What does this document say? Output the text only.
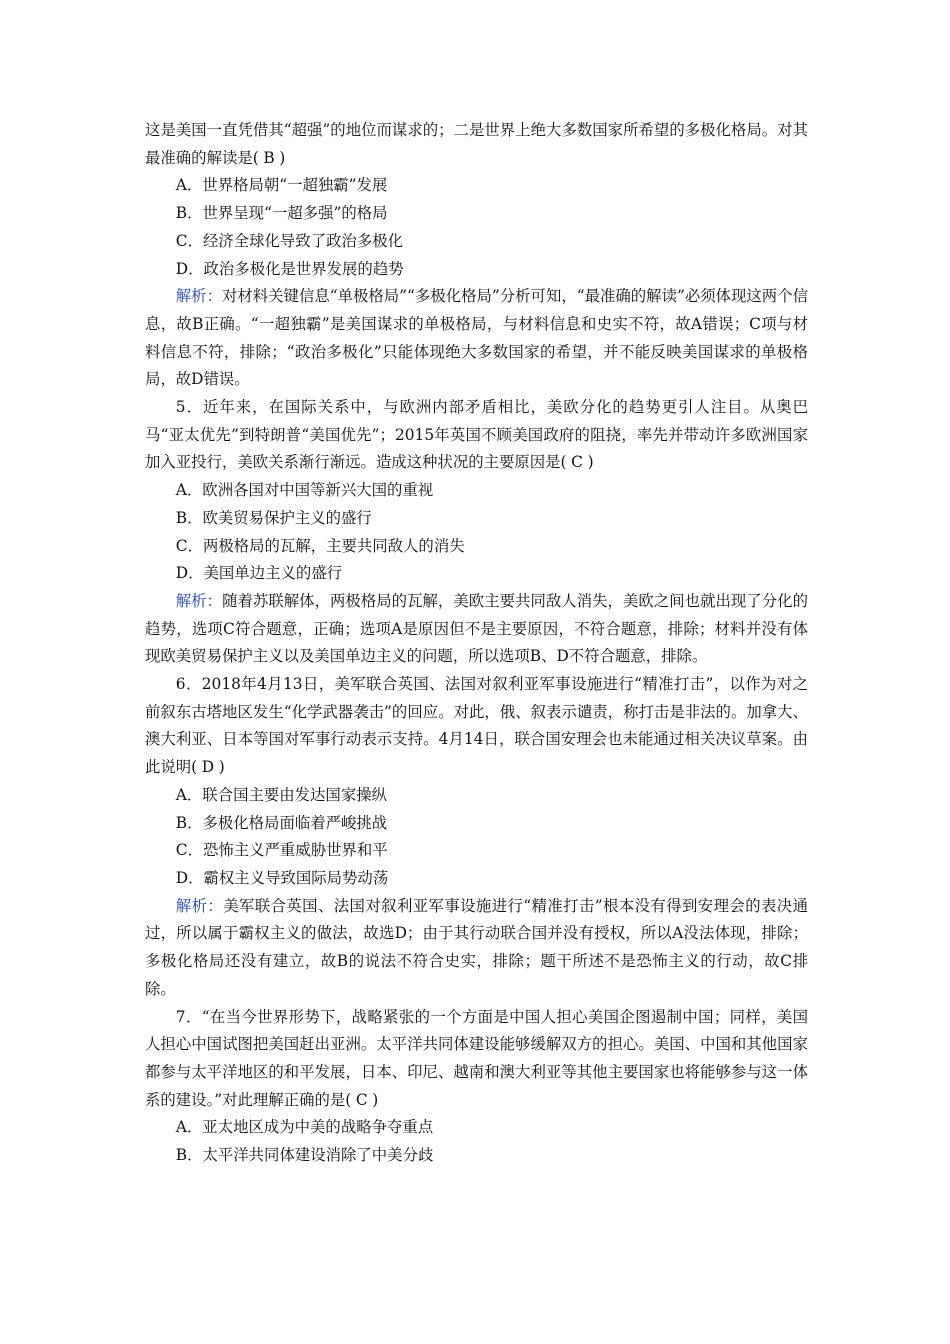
这是美国一直凭借其“超强”的地位而谋求的；二是世界上绝大多数国家所希望的多极化格局。对其最准确的解读是( B )

A．世界格局朝“一超独霸”发展

B．世界呈现“一超多强”的格局

C．经济全球化导致了政治多极化

D．政治多极化是世界发展的趋势

解析：对材料关键信息“单极格局”“多极化格局”分析可知，“最准确的解读”必须体现这两个信息，故B正确。“一超独霸”是美国谋求的单极格局，与材料信息和史实不符，故A错误；C项与材料信息不符，排除；“政治多极化”只能体现绝大多数国家的希望，并不能反映美国谋求的单极格局，故D错误。

5．近年来，在国际关系中，与欧洲内部矛盾相比，美欧分化的趋势更引人注目。从奥巴马“亚太优先”到特朗普“美国优先”；2015年英国不顾美国政府的阻挠，率先并带动许多欧洲国家加入亚投行，美欧关系渐行渐远。造成这种状况的主要原因是( C )

A．欧洲各国对中国等新兴大国的重视

B．欧美贸易保护主义的盛行

C．两极格局的瓦解，主要共同敌人的消失

D．美国单边主义的盛行

解析：随着苏联解体，两极格局的瓦解，美欧主要共同敌人消失，美欧之间也就出现了分化的趋势，选项C符合题意，正确；选项A是原因但不是主要原因，不符合题意，排除；材料并没有体现欧美贸易保护主义以及美国单边主义的问题，所以选项B、D不符合题意，排除。

6．2018年4月13日，美军联合英国、法国对叙利亚军事设施进行“精准打击”，以作为对之前叙东古塔地区发生“化学武器袭击”的回应。对此，俄、叙表示谴责，称打击是非法的。加拿大、澳大利亚、日本等国对军事行动表示支持。4月14日，联合国安理会也未能通过相关决议草案。由此说明( D )

A．联合国主要由发达国家操纵

B．多极化格局面临着严峻挑战

C．恐怖主义严重威胁世界和平

D．霸权主义导致国际局势动荡

解析：美军联合英国、法国对叙利亚军事设施进行“精准打击”根本没有得到安理会的表决通过，所以属于霸权主义的做法，故选D；由于其行动联合国并没有授权，所以A没法体现，排除；多极化格局还没有建立，故B的说法不符合史实，排除；题干所述不是恐怖主义的行动，故C排除。

7．“在当今世界形势下，战略紧张的一个方面是中国人担心美国企图遏制中国；同样，美国人担心中国试图把美国赶出亚洲。太平洋共同体建设能够缓解双方的担心。美国、中国和其他国家都参与太平洋地区的和平发展，日本、印尼、越南和澳大利亚等其他主要国家也将能够参与这一体系的建设。”对此理解正确的是( C )

A．亚太地区成为中美的战略争夺重点

B．太平洋共同体建设消除了中美分歧
